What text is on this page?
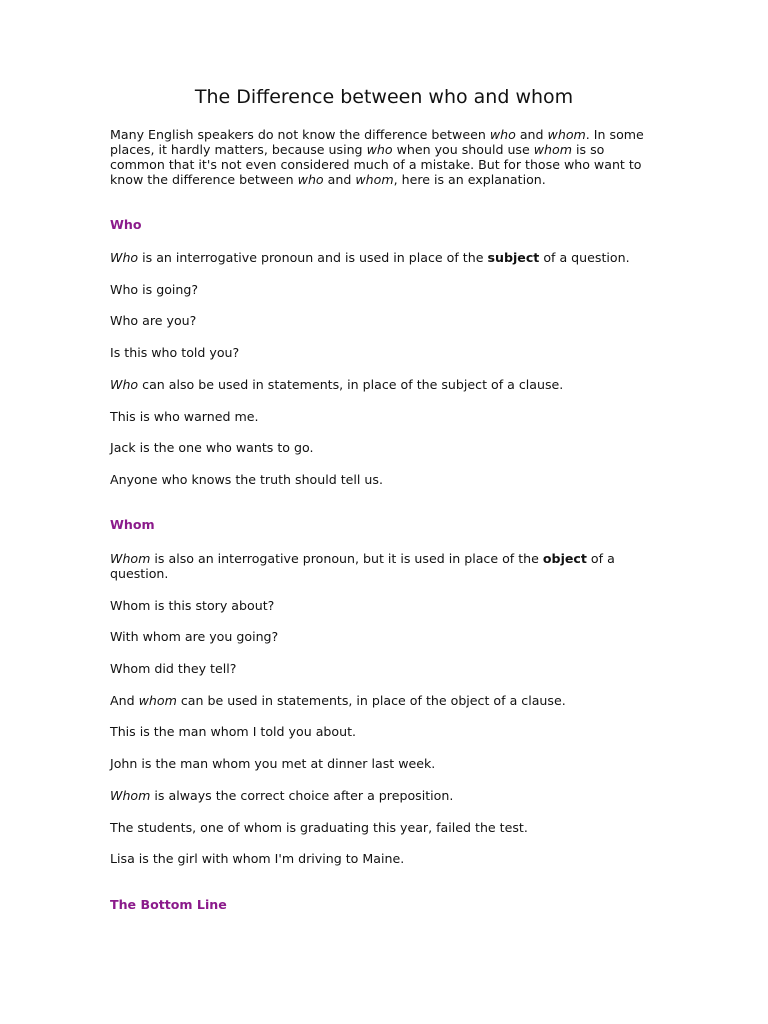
The Difference between who and whom

Many English speakers do not know the difference between who and whom. In some places, it hardly matters, because using who when you should use whom is so common that it's not even considered much of a mistake. But for those who want to know the difference between who and whom, here is an explanation.

Who

Who is an interrogative pronoun and is used in place of the subject of a question.

Who is going?

Who are you?

Is this who told you?

Who can also be used in statements, in place of the subject of a clause.

This is who warned me.

Jack is the one who wants to go.

Anyone who knows the truth should tell us.

Whom

Whom is also an interrogative pronoun, but it is used in place of the object of a question.

Whom is this story about?

With whom are you going?

Whom did they tell?

And whom can be used in statements, in place of the object of a clause.

This is the man whom I told you about.

John is the man whom you met at dinner last week.

Whom is always the correct choice after a preposition.

The students, one of whom is graduating this year, failed the test.

Lisa is the girl with whom I'm driving to Maine.

The Bottom Line
